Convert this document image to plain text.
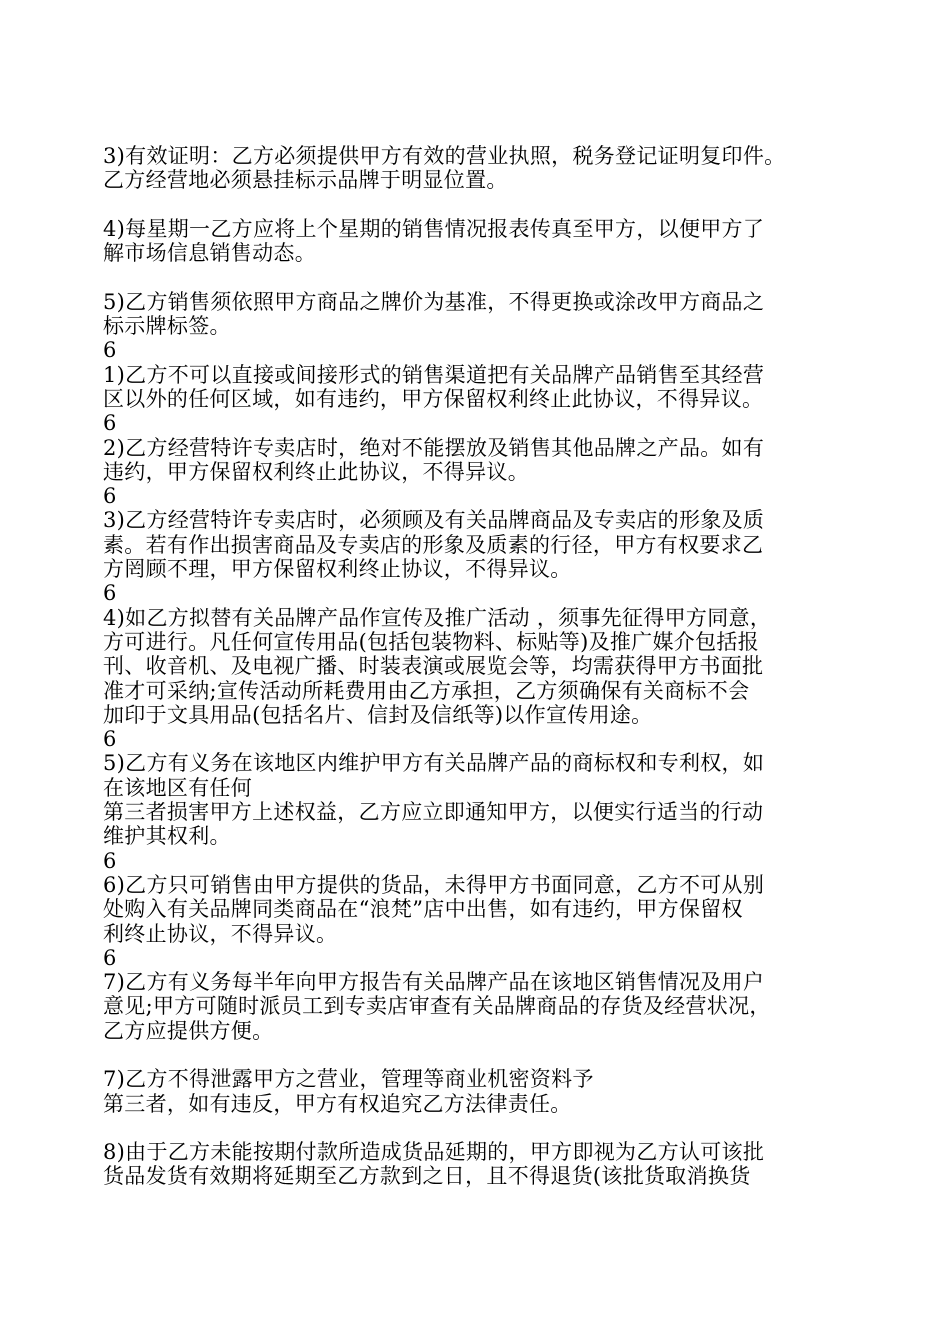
3)有效证明：乙方必须提供甲方有效的营业执照，税务登记证明复印件。
乙方经营地必须悬挂标示品牌于明显位置。
4)每星期一乙方应将上个星期的销售情况报表传真至甲方，以便甲方了
解市场信息销售动态。
5)乙方销售须依照甲方商品之牌价为基准，不得更换或涂改甲方商品之
标示牌标签。
6
1)乙方不可以直接或间接形式的销售渠道把有关品牌产品销售至其经营
区以外的任何区域，如有违约，甲方保留权利终止此协议，不得异议。
6
2)乙方经营特许专卖店时，绝对不能摆放及销售其他品牌之产品。如有
违约，甲方保留权利终止此协议，不得异议。
6
3)乙方经营特许专卖店时，必须顾及有关品牌商品及专卖店的形象及质
素。若有作出损害商品及专卖店的形象及质素的行径，甲方有权要求乙
方罔顾不理，甲方保留权利终止协议，不得异议。
6
4)如乙方拟替有关品牌产品作宣传及推广活动 ，须事先征得甲方同意，
方可进行。凡任何宣传用品(包括包装物料、标贴等)及推广媒介包括报
刊、收音机、及电视广播、时装表演或展览会等，均需获得甲方书面批
准才可采纳;宣传活动所耗费用由乙方承担，乙方须确保有关商标不会
加印于文具用品(包括名片、信封及信纸等)以作宣传用途。
6
5)乙方有义务在该地区内维护甲方有关品牌产品的商标权和专利权，如
在该地区有任何
第三者损害甲方上述权益，乙方应立即通知甲方，以便实行适当的行动
维护其权利。
6
6)乙方只可销售由甲方提供的货品，未得甲方书面同意，乙方不可从别
处购入有关品牌同类商品在“浪梵”店中出售，如有违约，甲方保留权
利终止协议，不得异议。
6
7)乙方有义务每半年向甲方报告有关品牌产品在该地区销售情况及用户
意见;甲方可随时派员工到专卖店审查有关品牌商品的存货及经营状况，
乙方应提供方便。
7)乙方不得泄露甲方之营业，管理等商业机密资料予
第三者，如有违反，甲方有权追究乙方法律责任。
8)由于乙方未能按期付款所造成货品延期的，甲方即视为乙方认可该批
货品发货有效期将延期至乙方款到之日，且不得退货(该批货取消换货
